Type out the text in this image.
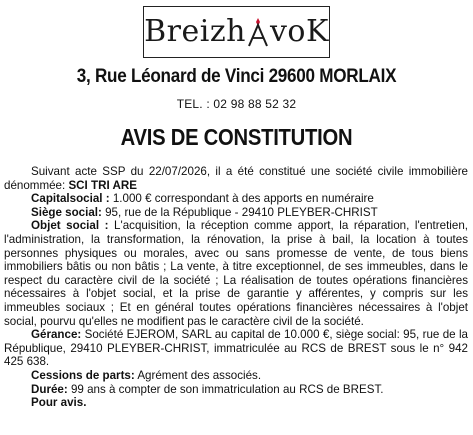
Breizh vo K
3, Rue Léonard de Vinci 29600 MORLAIX
TEL. : 02 98 88 52 32
AVIS DE CONSTITUTION

Suivant acte SSP du 22/07/2026, il a été constitué une société civile immobilière dénommée: SCI TRI ARE

Capitalsocial : 1.000 € correspondant à des apports en numéraire

Siège social: 95, rue de la République - 29410 PLEYBER-CHRIST

Objet social : L'acquisition, la réception comme apport, la réparation, l'entretien, l'administration, la transformation, la rénovation, la prise à bail, la location à toutes personnes physiques ou morales, avec ou sans promesse de vente, de tous biens immobiliers bâtis ou non bâtis ; La vente, à titre exceptionnel, de ses immeubles, dans le respect du caractère civil de la société ; La réalisation de toutes opérations financières nécessaires à l'objet social, et la prise de garantie y afférentes, y compris sur les immeubles sociaux ; Et en général toutes opérations financières nécessaires à l'objet social, pourvu qu'elles ne modifient pas le caractère civil de la société.

Gérance: Société EJEROM, SARL au capital de 10.000 €, siège social: 95, rue de la République, 29410 PLEYBER-CHRIST, immatriculée au RCS de BREST sous le n° 942 425 638.

Cessions de parts: Agrément des associés.

Durée: 99 ans à compter de son immatriculation au RCS de BREST.

Pour avis.
